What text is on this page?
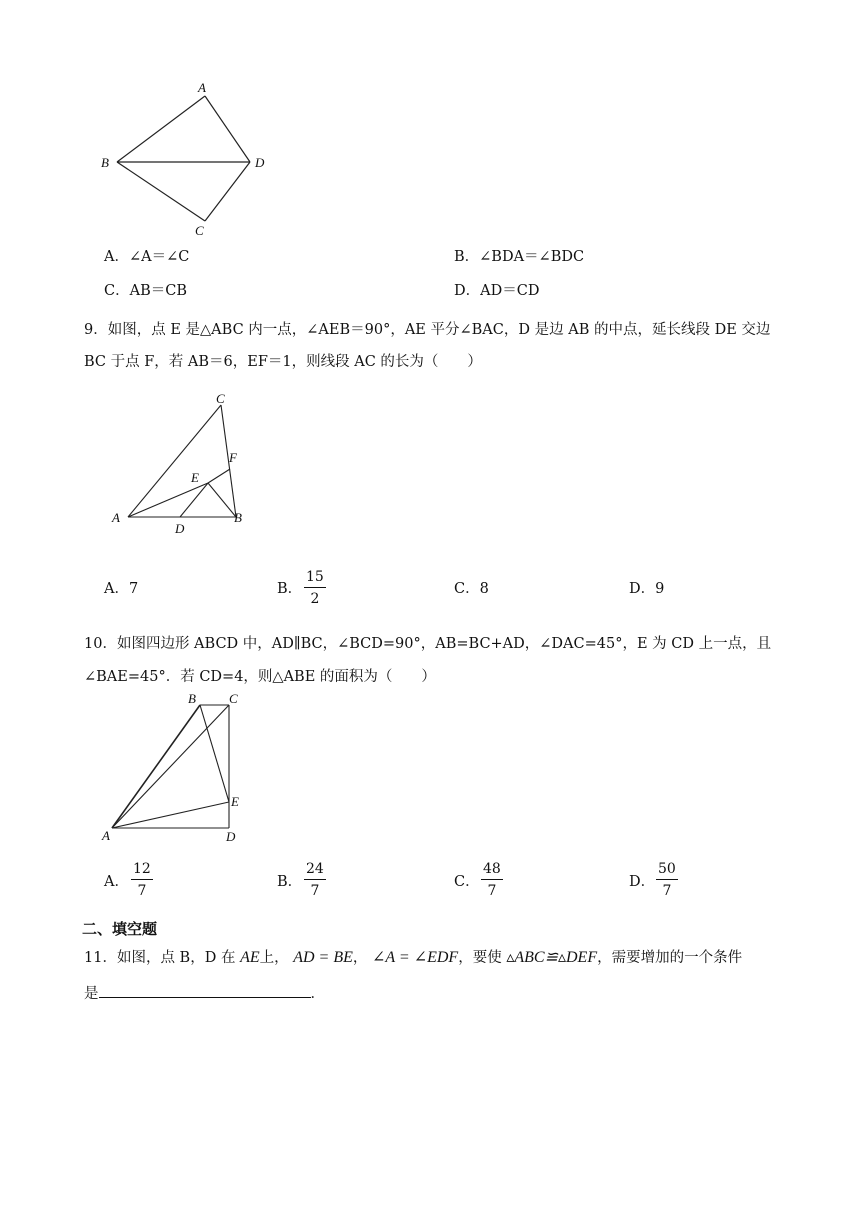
A
B
C
D
A．∠A＝∠C	B．∠BDA＝∠BDC
C．AB＝CB	D．AD＝CD
9．如图，点 E 是△ABC 内一点，∠AEB＝90°，AE 平分∠BAC，D 是边 AB 的中点，延长线段 DE 交边
BC 于点 F，若 AB＝6，EF＝1，则线段 AC 的长为（　　）
C
F
E
A
D
B
A．7	B． $\frac{15}{2}$	C．8	D．9
10．如图四边形 ABCD 中，AD∥BC，∠BCD=90°，AB=BC+AD，∠DAC=45°，E 为 CD 上一点，且
∠BAE=45°．若 CD=4，则△ABE 的面积为（　　）
B	C
E
A	D
A． $\frac{12}{7}$	B． $\frac{24}{7}$	C． $\frac{48}{7}$	D． $\frac{50}{7}$
二、填空题
11．如图，点 B，D 在 AE上， AD = BE， ∠A = ∠EDF，要使 ▵ABC≌▵DEF，需要增加的一个条件
是	．
